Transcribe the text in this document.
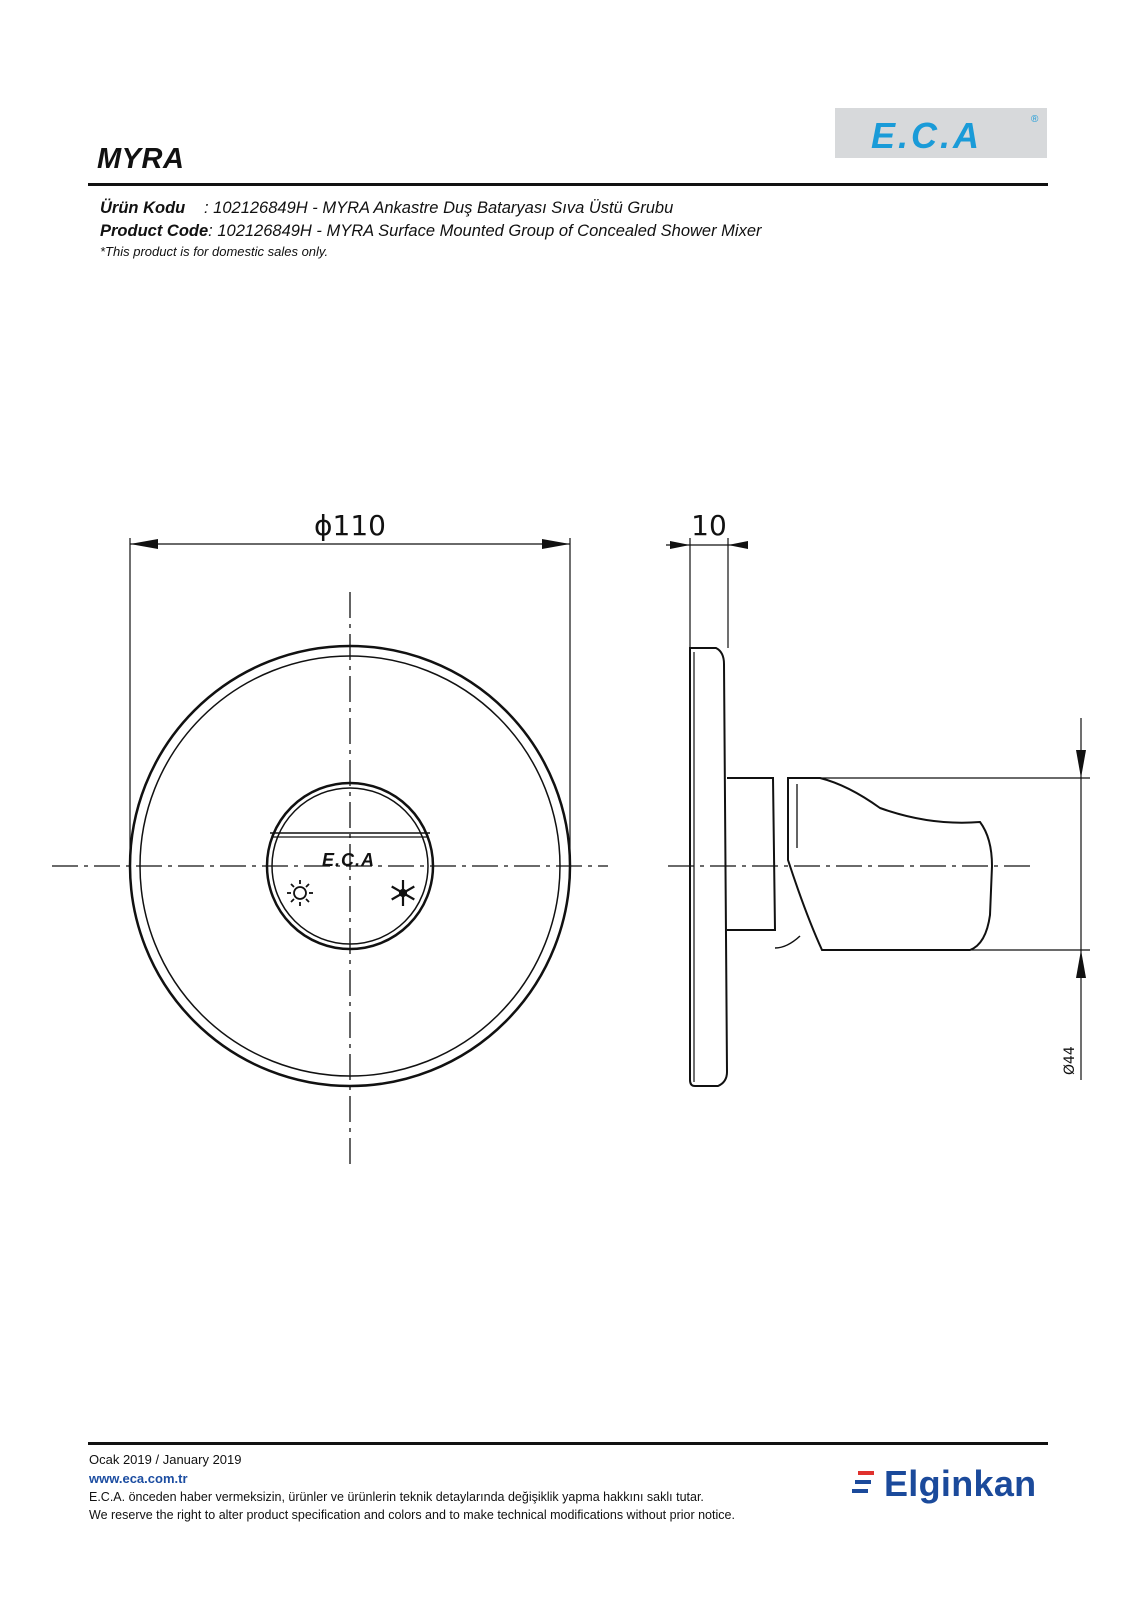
E.C.A	®
MYRA
Ürün Kodu : 102126849H - MYRA Ankastre Duş Bataryası Sıva Üstü Grubu
Product Code: 102126849H - MYRA Surface Mounted Group of Concealed Shower Mixer
*This product is for domestic sales only.
E.C.A
ϕ110	10
Ø44
Ocak 2019 / January 2019
www.eca.com.tr
E.C.A. önceden haber vermeksizin, ürünler ve ürünlerin teknik detaylarında değişiklik yapma hakkını saklı tutar.
We reserve the right to alter product specification and colors and to make technical modifications without prior notice.
Elginkan
